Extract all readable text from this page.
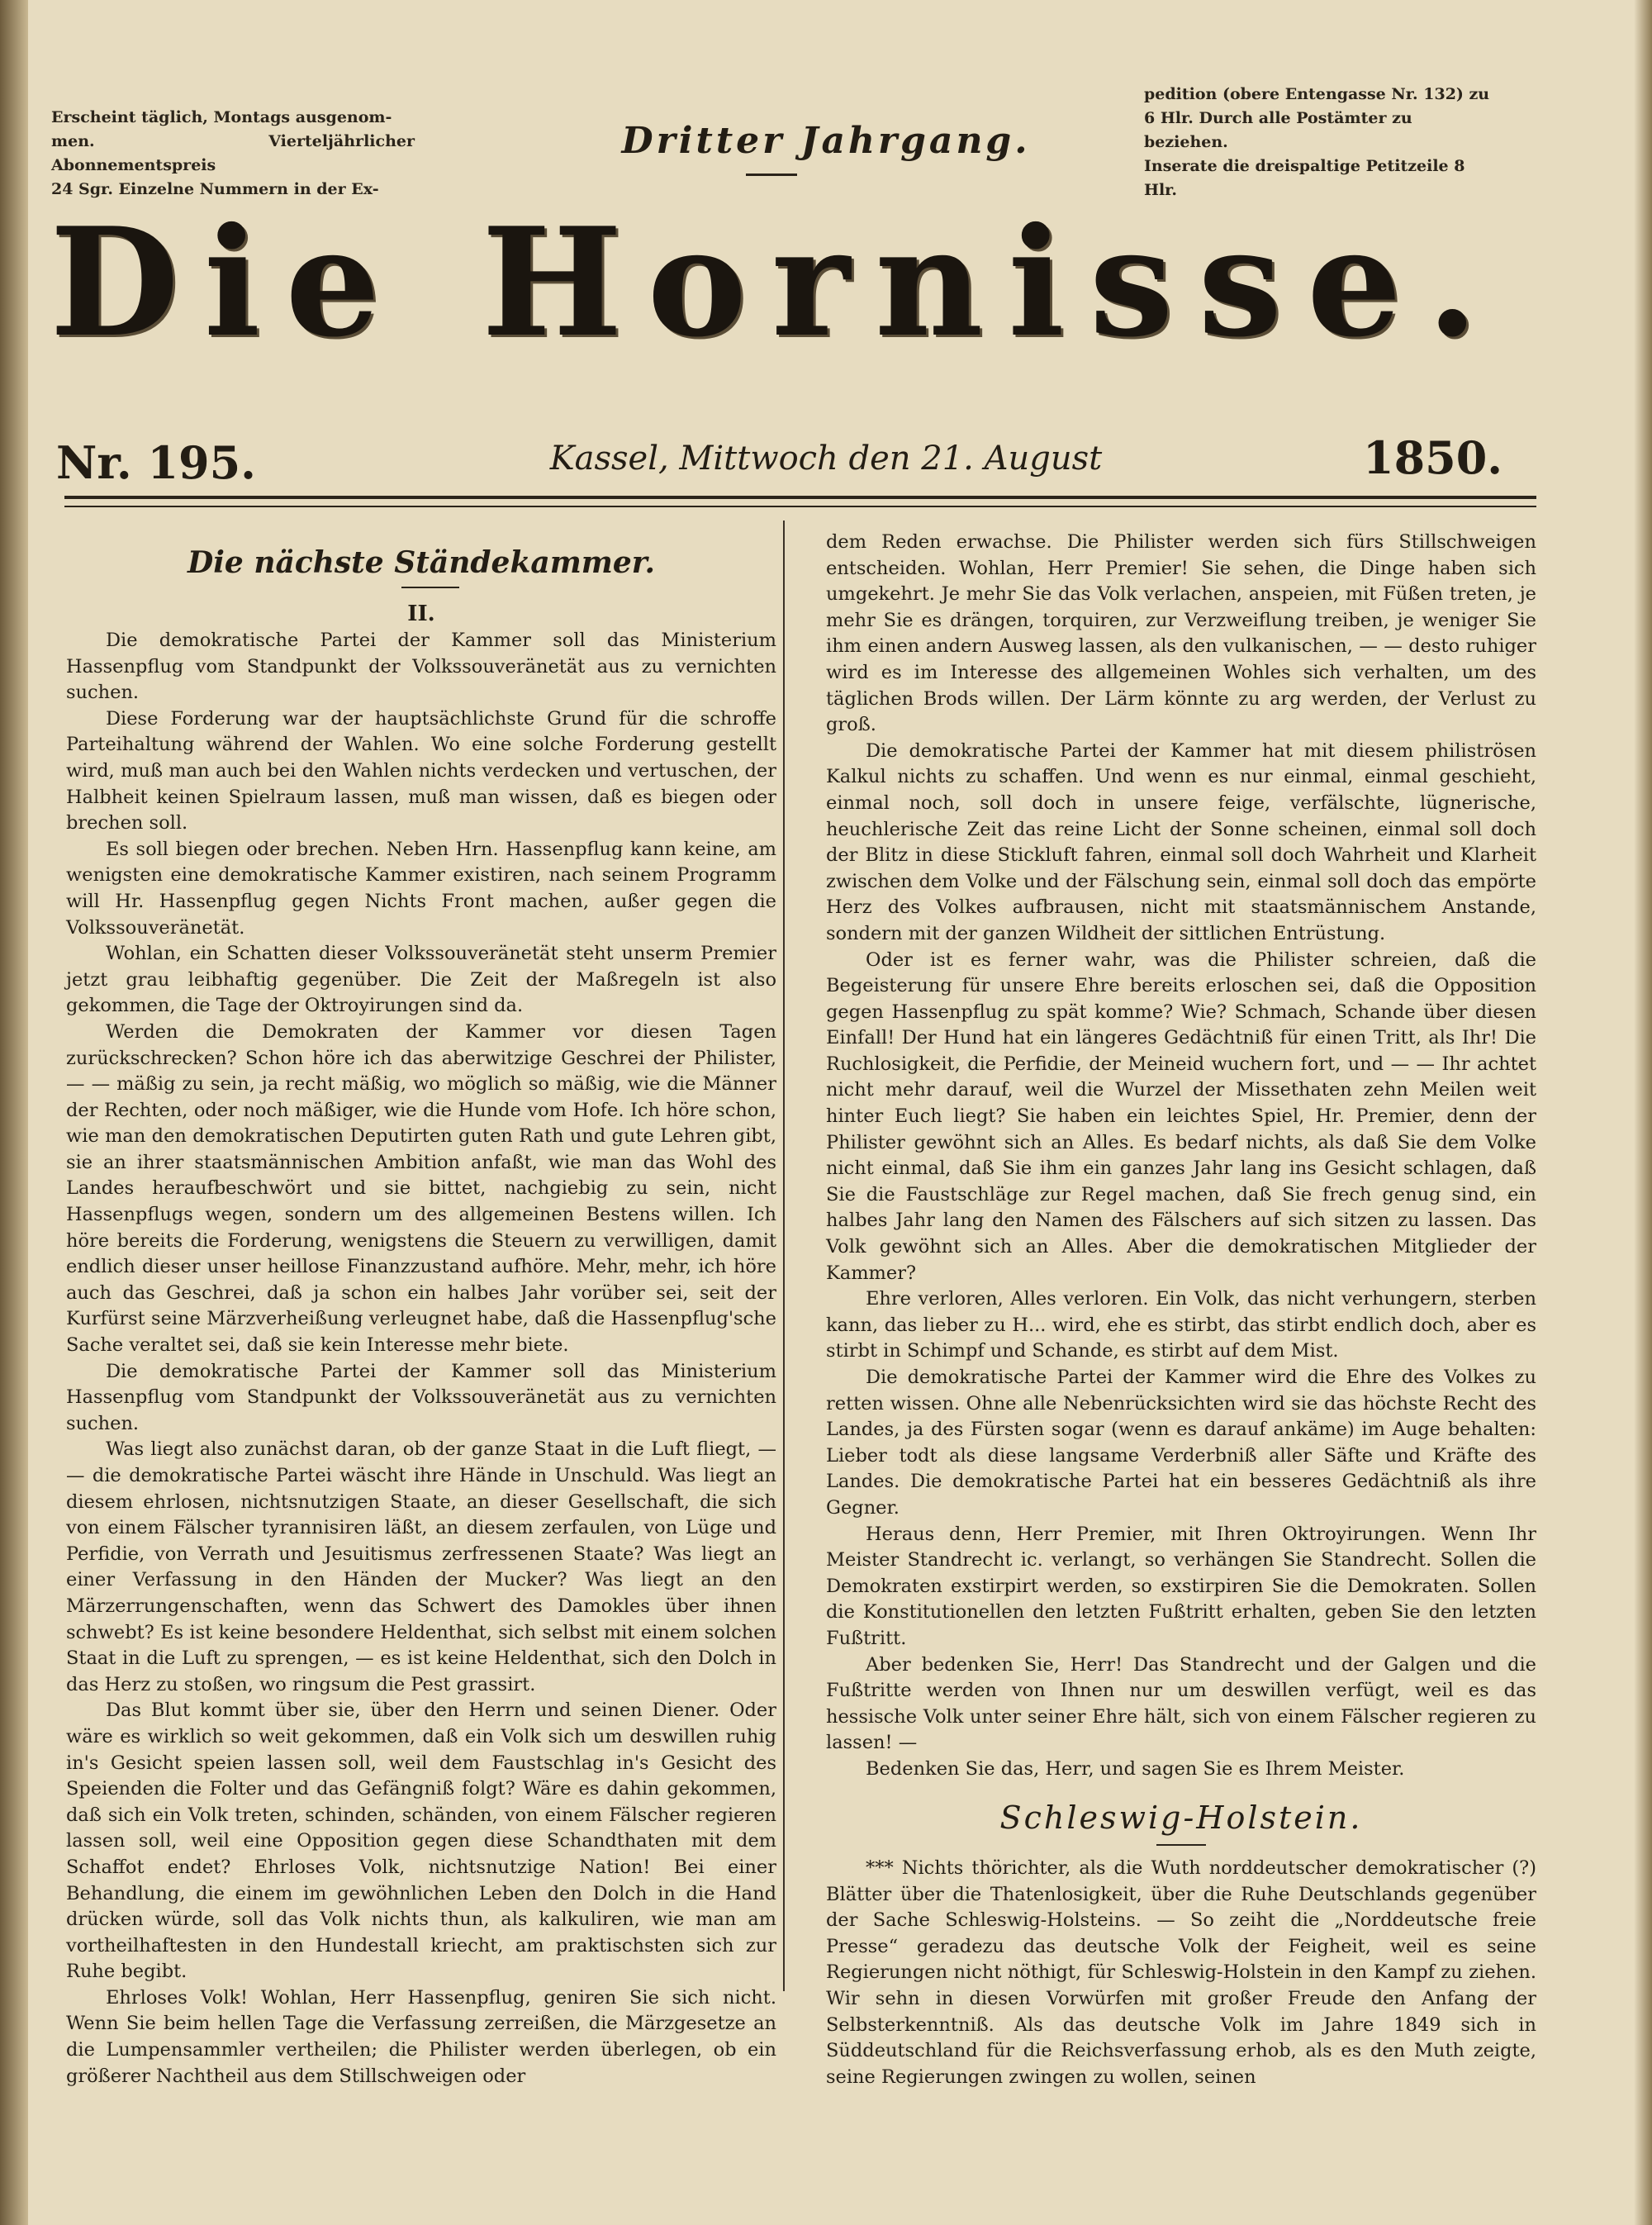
Erscheint täglich, Montags ausgenom-
men. Vierteljährlicher Abonnementspreis
24 Sgr. Einzelne Nummern in der Ex-
pedition (obere Entengasse Nr. 132) zu
6 Hlr. Durch alle Postämter zu beziehen.
Inserate die dreispaltige Petitzeile 8 Hlr.
Dritter Jahrgang.
Die Hornisse.
Nr. 195.	Kassel, Mittwoch den 21. August	1850.
Die nächste Ständekammer.
II.

Die demokratische Partei der Kammer soll das Ministerium Hassenpflug vom Standpunkt der Volkssouveränetät aus zu vernichten suchen.

Diese Forderung war der hauptsächlichste Grund für die schroffe Parteihaltung während der Wahlen. Wo eine solche Forderung gestellt wird, muß man auch bei den Wahlen nichts verdecken und vertuschen, der Halbheit keinen Spielraum lassen, muß man wissen, daß es biegen oder brechen soll.

Es soll biegen oder brechen. Neben Hrn. Hassenpflug kann keine, am wenigsten eine demokratische Kammer existiren, nach seinem Programm will Hr. Hassenpflug gegen Nichts Front machen, außer gegen die Volkssouveränetät.

Wohlan, ein Schatten dieser Volkssouveränetät steht unserm Premier jetzt grau leibhaftig gegenüber. Die Zeit der Maßregeln ist also gekommen, die Tage der Oktroyirungen sind da.

Werden die Demokraten der Kammer vor diesen Tagen zurückschrecken? Schon höre ich das aberwitzige Geschrei der Philister, — — mäßig zu sein, ja recht mäßig, wo möglich so mäßig, wie die Männer der Rechten, oder noch mäßiger, wie die Hunde vom Hofe. Ich höre schon, wie man den demokratischen Deputirten guten Rath und gute Lehren gibt, sie an ihrer staatsmännischen Ambition anfaßt, wie man das Wohl des Landes heraufbeschwört und sie bittet, nachgiebig zu sein, nicht Hassenpflugs wegen, sondern um des allgemeinen Bestens willen. Ich höre bereits die Forderung, wenigstens die Steuern zu verwilligen, damit endlich dieser unser heillose Finanzzustand aufhöre. Mehr, mehr, ich höre auch das Geschrei, daß ja schon ein halbes Jahr vorüber sei, seit der Kurfürst seine Märzverheißung verleugnet habe, daß die Hassenpflug'sche Sache veraltet sei, daß sie kein Interesse mehr biete.

Die demokratische Partei der Kammer soll das Ministerium Hassenpflug vom Standpunkt der Volkssouveränetät aus zu vernichten suchen.

Was liegt also zunächst daran, ob der ganze Staat in die Luft fliegt, — — die demokratische Partei wäscht ihre Hände in Unschuld. Was liegt an diesem ehrlosen, nichtsnutzigen Staate, an dieser Gesellschaft, die sich von einem Fälscher tyrannisiren läßt, an diesem zerfaulen, von Lüge und Perfidie, von Verrath und Jesuitismus zerfressenen Staate? Was liegt an einer Verfassung in den Händen der Mucker? Was liegt an den Märzerrungenschaften, wenn das Schwert des Damokles über ihnen schwebt? Es ist keine besondere Heldenthat, sich selbst mit einem solchen Staat in die Luft zu sprengen, — es ist keine Heldenthat, sich den Dolch in das Herz zu stoßen, wo ringsum die Pest grassirt.

Das Blut kommt über sie, über den Herrn und seinen Diener. Oder wäre es wirklich so weit gekommen, daß ein Volk sich um deswillen ruhig in's Gesicht speien lassen soll, weil dem Faustschlag in's Gesicht des Speienden die Folter und das Gefängniß folgt? Wäre es dahin gekommen, daß sich ein Volk treten, schinden, schänden, von einem Fälscher regieren lassen soll, weil eine Opposition gegen diese Schandthaten mit dem Schaffot endet? Ehrloses Volk, nichtsnutzige Nation! Bei einer Behandlung, die einem im gewöhnlichen Leben den Dolch in die Hand drücken würde, soll das Volk nichts thun, als kalkuliren, wie man am vortheilhaftesten in den Hundestall kriecht, am praktischsten sich zur Ruhe begibt.

Ehrloses Volk! Wohlan, Herr Hassenpflug, geniren Sie sich nicht. Wenn Sie beim hellen Tage die Verfassung zerreißen, die Märzgesetze an die Lumpensammler vertheilen; die Philister werden überlegen, ob ein größerer Nachtheil aus dem Stillschweigen oder

dem Reden erwachse. Die Philister werden sich fürs Stillschweigen entscheiden. Wohlan, Herr Premier! Sie sehen, die Dinge haben sich umgekehrt. Je mehr Sie das Volk verlachen, anspeien, mit Füßen treten, je mehr Sie es drängen, torquiren, zur Verzweiflung treiben, je weniger Sie ihm einen andern Ausweg lassen, als den vulkanischen, — — desto ruhiger wird es im Interesse des allgemeinen Wohles sich verhalten, um des täglichen Brods willen. Der Lärm könnte zu arg werden, der Verlust zu groß.

Die demokratische Partei der Kammer hat mit diesem philiströsen Kalkul nichts zu schaffen. Und wenn es nur einmal, einmal geschieht, einmal noch, soll doch in unsere feige, verfälschte, lügnerische, heuchlerische Zeit das reine Licht der Sonne scheinen, einmal soll doch der Blitz in diese Stickluft fahren, einmal soll doch Wahrheit und Klarheit zwischen dem Volke und der Fälschung sein, einmal soll doch das empörte Herz des Volkes aufbrausen, nicht mit staatsmännischem Anstande, sondern mit der ganzen Wildheit der sittlichen Entrüstung.

Oder ist es ferner wahr, was die Philister schreien, daß die Begeisterung für unsere Ehre bereits erloschen sei, daß die Opposition gegen Hassenpflug zu spät komme? Wie? Schmach, Schande über diesen Einfall! Der Hund hat ein längeres Gedächtniß für einen Tritt, als Ihr! Die Ruchlosigkeit, die Perfidie, der Meineid wuchern fort, und — — Ihr achtet nicht mehr darauf, weil die Wurzel der Missethaten zehn Meilen weit hinter Euch liegt? Sie haben ein leichtes Spiel, Hr. Premier, denn der Philister gewöhnt sich an Alles. Es bedarf nichts, als daß Sie dem Volke nicht einmal, daß Sie ihm ein ganzes Jahr lang ins Gesicht schlagen, daß Sie die Faustschläge zur Regel machen, daß Sie frech genug sind, ein halbes Jahr lang den Namen des Fälschers auf sich sitzen zu lassen. Das Volk gewöhnt sich an Alles. Aber die demokratischen Mitglieder der Kammer?

Ehre verloren, Alles verloren. Ein Volk, das nicht verhungern, sterben kann, das lieber zu H... wird, ehe es stirbt, das stirbt endlich doch, aber es stirbt in Schimpf und Schande, es stirbt auf dem Mist.

Die demokratische Partei der Kammer wird die Ehre des Volkes zu retten wissen. Ohne alle Nebenrücksichten wird sie das höchste Recht des Landes, ja des Fürsten sogar (wenn es darauf ankäme) im Auge behalten: Lieber todt als diese langsame Verderbniß aller Säfte und Kräfte des Landes. Die demokratische Partei hat ein besseres Gedächtniß als ihre Gegner.

Heraus denn, Herr Premier, mit Ihren Oktroyirungen. Wenn Ihr Meister Standrecht ic. verlangt, so verhängen Sie Standrecht. Sollen die Demokraten exstirpirt werden, so exstirpiren Sie die Demokraten. Sollen die Konstitutionellen den letzten Fußtritt erhalten, geben Sie den letzten Fußtritt.

Aber bedenken Sie, Herr! Das Standrecht und der Galgen und die Fußtritte werden von Ihnen nur um deswillen verfügt, weil es das hessische Volk unter seiner Ehre hält, sich von einem Fälscher regieren zu lassen! —

Bedenken Sie das, Herr, und sagen Sie es Ihrem Meister.

Schleswig-Holstein.

*** Nichts thörichter, als die Wuth norddeutscher demokratischer (?) Blätter über die Thatenlosigkeit, über die Ruhe Deutschlands gegenüber der Sache Schleswig-Holsteins. — So zeiht die „Norddeutsche freie Presse“ geradezu das deutsche Volk der Feigheit, weil es seine Regierungen nicht nöthigt, für Schleswig-Holstein in den Kampf zu ziehen. Wir sehn in diesen Vorwürfen mit großer Freude den Anfang der Selbsterkenntniß. Als das deutsche Volk im Jahre 1849 sich in Süddeutschland für die Reichsverfassung erhob, als es den Muth zeigte, seine Regierungen zwingen zu wollen, seinen
